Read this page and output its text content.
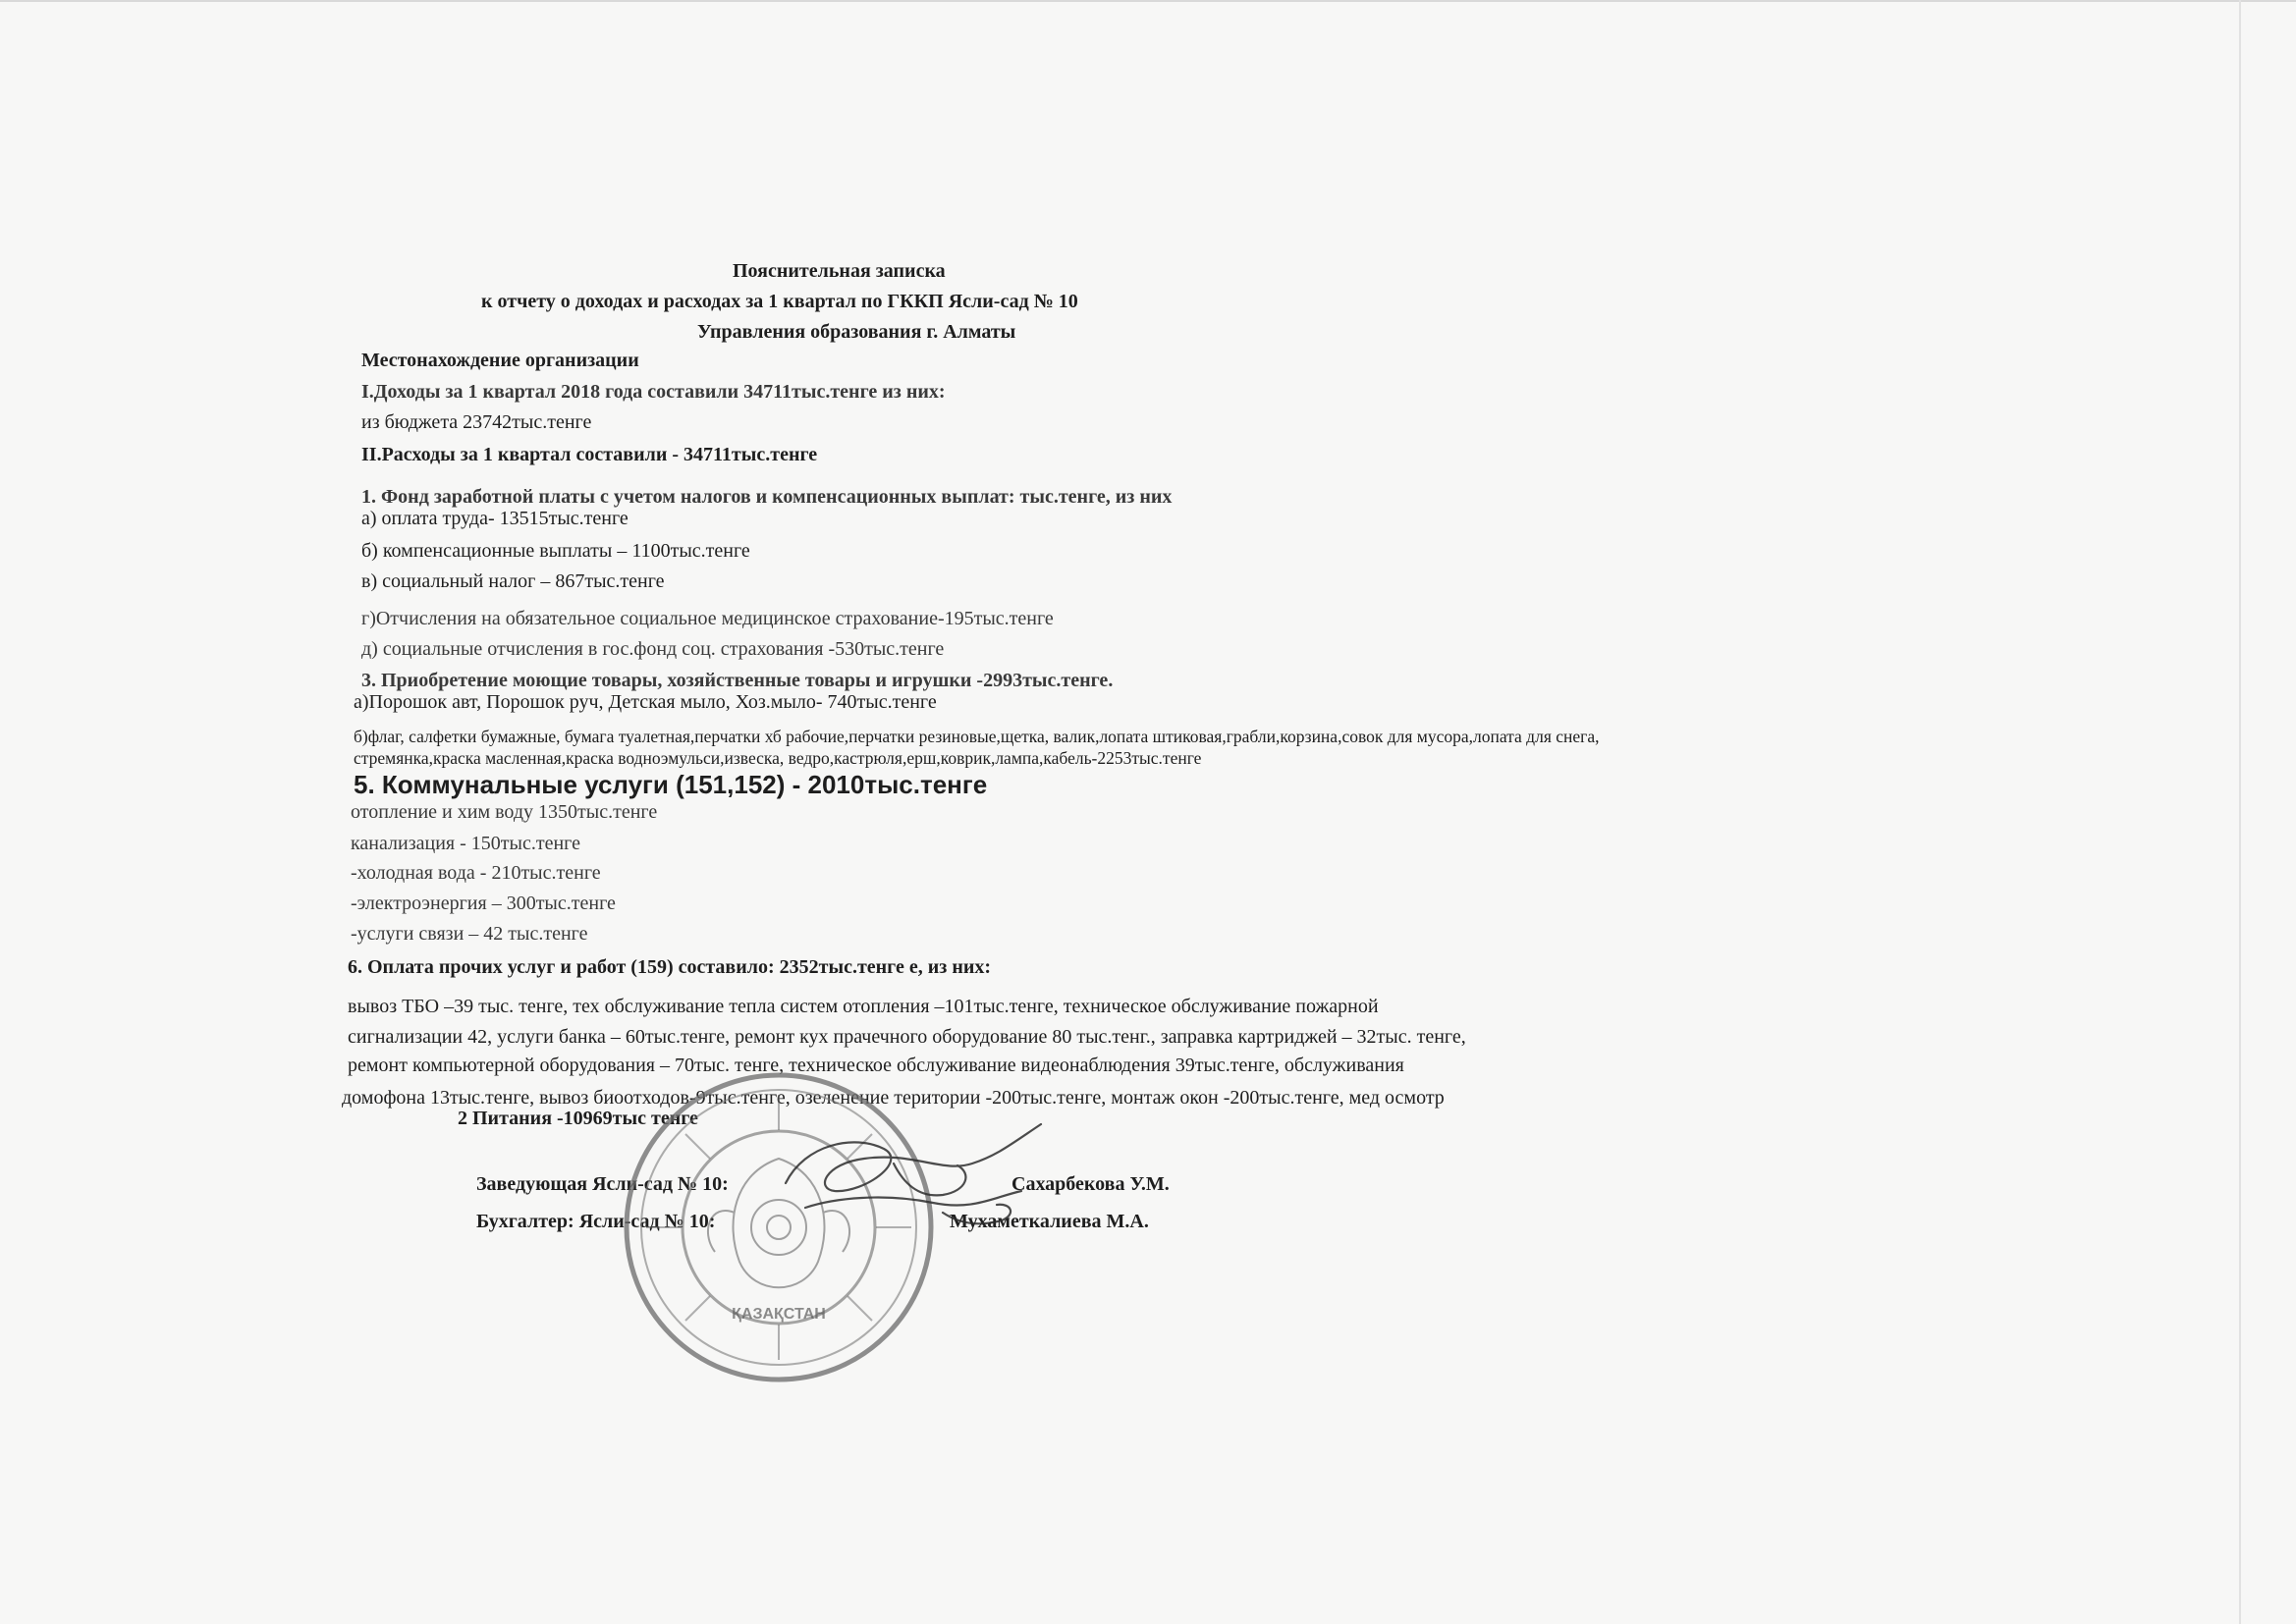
Пояснительная записка
к отчету о доходах и расходах за 1 квартал по ГККП Ясли-сад № 10
Управления образования г. Алматы
Местонахождение организации
I.Доходы за 1 квартал 2018 года составили 34711тыс.тенге из них:
из бюджета 23742тыс.тенге
II.Расходы за 1 квартал составили - 34711тыс.тенге
1. Фонд заработной платы с учетом налогов и компенсационных выплат: тыс.тенге, из них
а) оплата труда- 13515тыс.тенге
б) компенсационные выплаты – 1100тыс.тенге
в) социальный налог – 867тыс.тенге
г)Отчисления на обязательное социальное медицинское страхование-195тыс.тенге
д) социальные отчисления в гос.фонд соц. страхования -530тыс.тенге
3. Приобретение моющие товары, хозяйственные товары и игрушки -2993тыс.тенге.
а)Порошок авт, Порошок руч, Детская мыло, Хоз.мыло- 740тыс.тенге
б)флаг, салфетки бумажные, бумага туалетная,перчатки хб рабочие,перчатки резиновые,щетка, валик,лопата штиковая,грабли,корзина,совок для мусора,лопата для снега,
стремянка,краска масленная,краска водноэмульси,извеска, ведро,кастрюля,ерш,коврик,лампа,кабель-2253тыс.тенге
5. Коммунальные услуги (151,152) - 2010тыс.тенге
отопление и хим воду 1350тыс.тенге
канализация - 150тыс.тенге
-холодная вода - 210тыс.тенге
-электроэнергия – 300тыс.тенге
-услуги связи – 42 тыс.тенге
6. Оплата прочих услуг и работ (159) составило: 2352тыс.тенге е, из них:
вывоз ТБО –39 тыс. тенге, тех обслуживание тепла систем отопления –101тыс.тенге, техническое обслуживание пожарной
сигнализации 42, услуги банка – 60тыс.тенге, ремонт кух прачечного оборудование 80 тыс.тенг., заправка картриджей – 32тыс. тенге,
ремонт компьютерной оборудования – 70тыс. тенге, техническое обслуживание видеонаблюдения 39тыс.тенге, обслуживания
домофона 13тыс.тенге, вывоз биоотходов-9тыс.тенге, озеленение територии -200тыс.тенге, монтаж окон -200тыс.тенге, мед осмотр
2 Питания -10969тыс тенге
Заведующая Ясли-сад № 10:	Сахарбекова У.М.
Бухгалтер: Ясли-сад № 10:	Мухаметкалиева М.А.
ҚАЗАҚСТАН
